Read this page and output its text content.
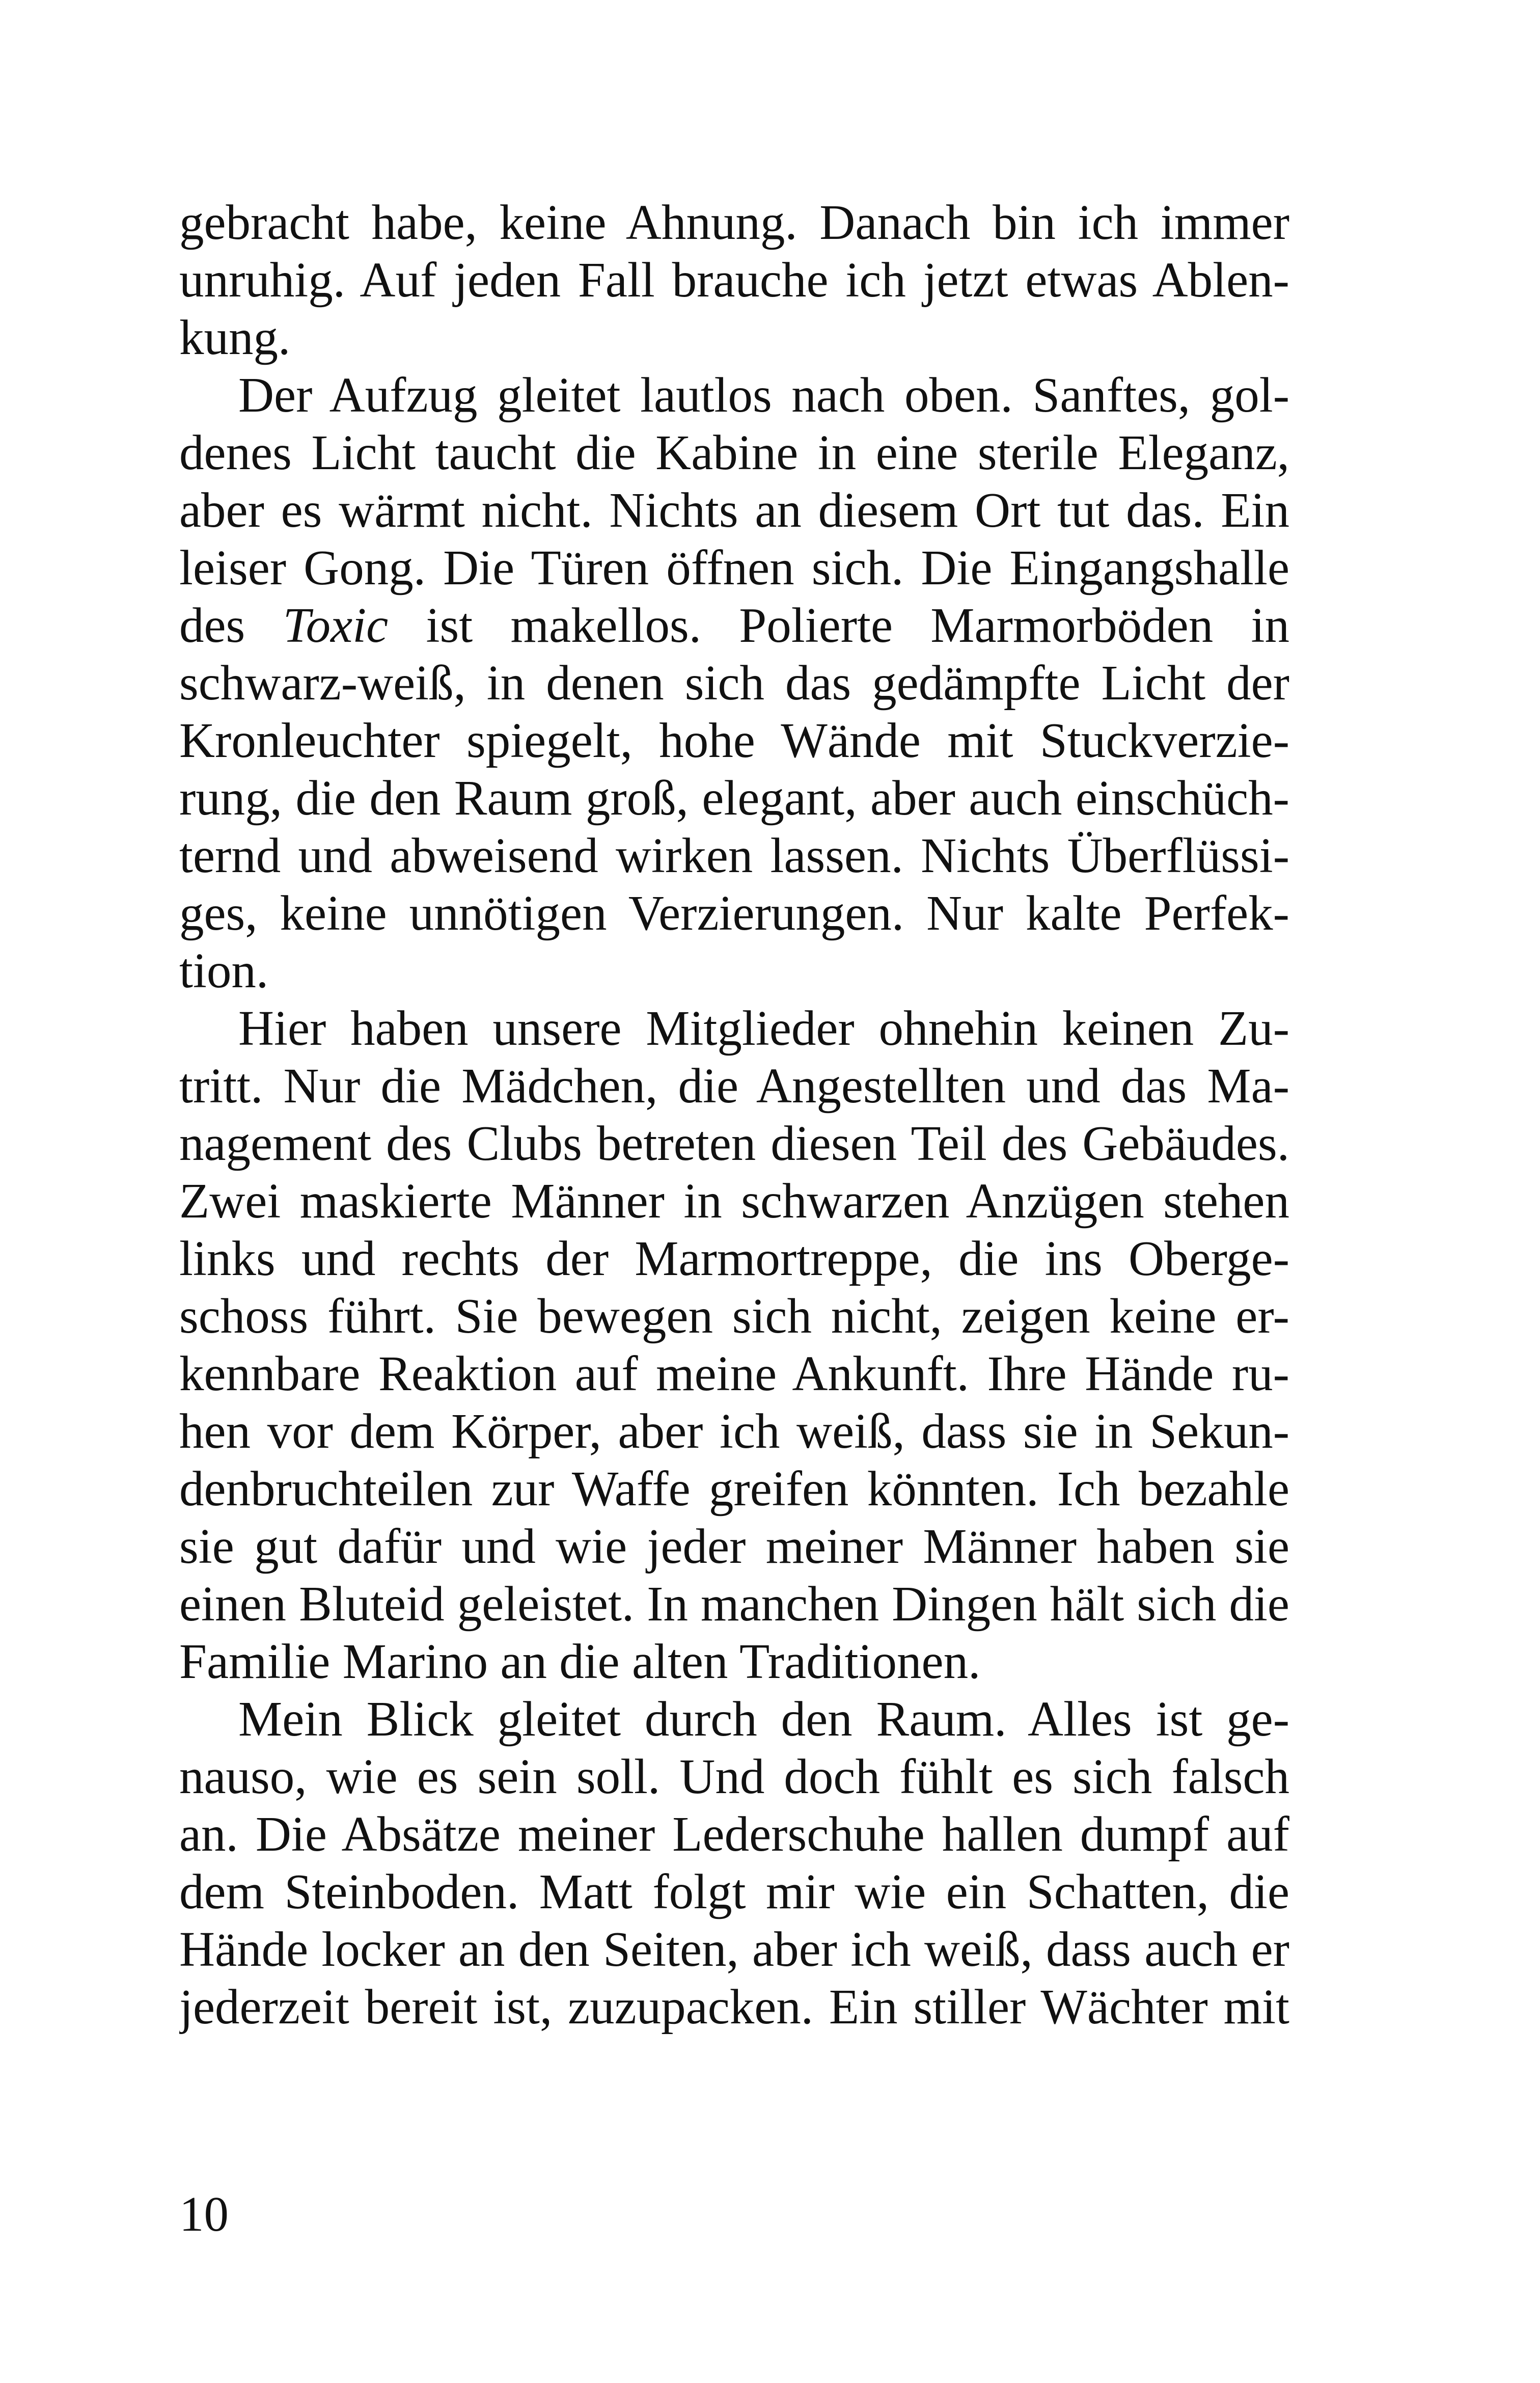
gebracht habe, keine Ahnung. Danach bin ich immer
unruhig. Auf jeden Fall brauche ich jetzt etwas Ablen-
kung.
Der Aufzug gleitet lautlos nach oben. Sanftes, gol-
denes Licht taucht die Kabine in eine sterile Eleganz,
aber es wärmt nicht. Nichts an diesem Ort tut das. Ein
leiser Gong. Die Türen öffnen sich. Die Eingangshalle
des Toxic ist makellos. Polierte Marmorböden in
schwarz-weiß, in denen sich das gedämpfte Licht der
Kronleuchter spiegelt, hohe Wände mit Stuckverzie-
rung, die den Raum groß, elegant, aber auch einschüch-
ternd und abweisend wirken lassen. Nichts Überflüssi-
ges, keine unnötigen Verzierungen. Nur kalte Perfek-
tion.
Hier haben unsere Mitglieder ohnehin keinen Zu-
tritt. Nur die Mädchen, die Angestellten und das Ma-
nagement des Clubs betreten diesen Teil des Gebäudes.
Zwei maskierte Männer in schwarzen Anzügen stehen
links und rechts der Marmortreppe, die ins Oberge-
schoss führt. Sie bewegen sich nicht, zeigen keine er-
kennbare Reaktion auf meine Ankunft. Ihre Hände ru-
hen vor dem Körper, aber ich weiß, dass sie in Sekun-
denbruchteilen zur Waffe greifen könnten. Ich bezahle
sie gut dafür und wie jeder meiner Männer haben sie
einen Bluteid geleistet. In manchen Dingen hält sich die
Familie Marino an die alten Traditionen.
Mein Blick gleitet durch den Raum. Alles ist ge-
nauso, wie es sein soll. Und doch fühlt es sich falsch
an. Die Absätze meiner Lederschuhe hallen dumpf auf
dem Steinboden. Matt folgt mir wie ein Schatten, die
Hände locker an den Seiten, aber ich weiß, dass auch er
jederzeit bereit ist, zuzupacken. Ein stiller Wächter mit
10
